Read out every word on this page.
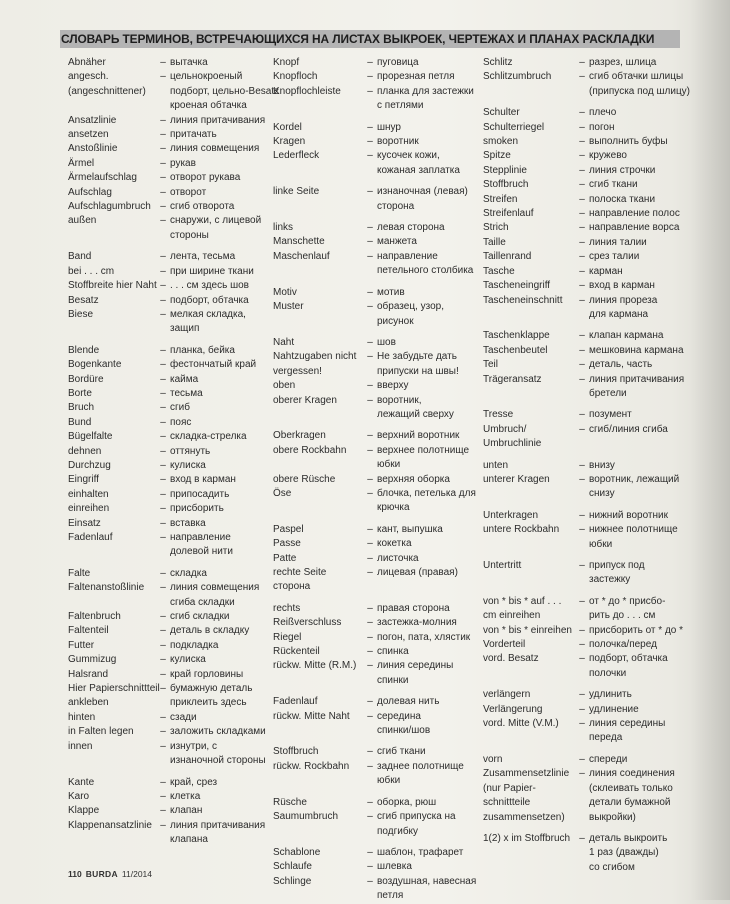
СЛОВАРЬ ТЕРМИНОВ, ВСТРЕЧАЮЩИХСЯ НА ЛИСТАХ ВЫКРОЕК, ЧЕРТЕЖАХ И ПЛАНАХ РАСКЛАДКИ
Abnäher	– вытачка
angesch.	– цельнокроеный
(angeschnittener)	подборт, цельно-Besatz
кроеная обтачка
Ansatzlinie	– линия притачивания
ansetzen	– притачать
Anstoßlinie	– линия совмещения
Ärmel	– рукав
Ärmelaufschlag	– отворот рукава
Aufschlag	– отворот
Aufschlagumbruch – сгиб отворота
außen	– снаружи, с лицевой
стороны
Band	– лента, тесьма
bei . . . cm	– при ширине ткани
Stoffbreite hier Naht – . . . см здесь шов
Besatz	– подборт, обтачка
Biese	– мелкая складка,
защип
Blende	– планка, бейка
Bogenkante	– фестончатый край
Bordüre	– кайма
Borte	– тесьма
Bruch	– сгиб
Bund	– пояс
Bügelfalte	– складка-стрелка
dehnen	– оттянуть
Durchzug	– кулиска
Eingriff	– вход в карман
einhalten	– припосадить
einreihen	– присборить
Einsatz	– вставка
Fadenlauf	– направление
долевой нити
Falte	– складка
Faltenanstoßlinie	– линия совмещения
сгиба складки
Faltenbruch	– сгиб складки
Faltenteil	– деталь в складку
Futter	– подкладка
Gummizug	– кулиска
Halsrand	– край горловины
Hier Papierschnittteil – бумажную деталь
ankleben	приклеить здесь
hinten	– сзади
in Falten legen	– заложить складками
innen	– изнутри, с
изнаночной стороны
Kante	– край, срез
Karo	– клетка
Klappe	– клапан
Klappenansatzlinie – линия притачивания
клапана
Knopf	– пуговица
Knopfloch	– прорезная петля
Knopflochleiste	– планка для застежки
с петлями
Kordel	– шнур
Kragen	– воротник
Lederfleck	– кусочек кожи,
кожаная заплатка
linke Seite	– изнаночная (левая)
сторона
links	– левая сторона
Manschette	– манжета
Maschenlauf	– направление
петельного столбика
Motiv	– мотив
Muster	– образец, узор,
рисунок
Naht	– шов
Nahtzugaben nicht	– Не забудьте дать
vergessen!	припуски на швы!
oben	– вверху
oberer Kragen	– воротник,
лежащий сверху
Oberkragen	– верхний воротник
obere Rockbahn	– верхнее полотнище
юбки
obere Rüsche	– верхняя оборка
Öse	– блочка, петелька для
крючка
Paspel	– кант, выпушка
Passe	– кокетка
Patte	– листочка
rechte Seite	– лицевая (правая)
сторона
rechts	– правая сторона
Reißverschluss	– застежка-молния
Riegel	– погон, пата, хлястик
Rückenteil	– спинка
rückw. Mitte (R.M.)	– линия середины
спинки
Fadenlauf	– долевая нить
rückw. Mitte Naht	– середина
спинки/шов
Stoffbruch	– сгиб ткани
rückw. Rockbahn	– заднее полотнище
юбки
Rüsche	– оборка, рюш
Saumumbruch	– сгиб припуска на
подгибку
Schablone	– шаблон, трафарет
Schlaufe	– шлевка
Schlinge	– воздушная, навесная
петля
Schlitz	– разрез, шлица
Schlitzumbruch	– сгиб обтачки шлицы
(припуска под шлицу)
Schulter	– плечо
Schulterriegel	– погон
smoken	– выполнить буфы
Spitze	– кружево
Stepplinie	– линия строчки
Stoffbruch	– сгиб ткани
Streifen	– полоска ткани
Streifenlauf	– направление полос
Strich	– направление ворса
Taille	– линия талии
Taillenrand	– срез талии
Tasche	– карман
Tascheneingriff	– вход в карман
Tascheneinschnitt	– линия прореза
для кармана
Taschenklappe	– клапан кармана
Taschenbeutel	– мешковина кармана
Teil	– деталь, часть
Trägeransatz	– линия притачивания
бретели
Tresse	– позумент
Umbruch/	– сгиб/линия сгиба
Umbruchlinie
unten	– внизу
unterer Kragen	– воротник, лежащий
снизу
Unterkragen	– нижний воротник
untere Rockbahn	– нижнее полотнище
юбки
Untertritt	– припуск под
застежку
von * bis * auf . . .	– от * до * присбо-
cm einreihen	рить до . . . см
von * bis * einreihen – присборить от * до *
Vorderteil	– полочка/перед
vord. Besatz	– подборт, обтачка
полочки
verlängern	– удлинить
Verlängerung	– удлинение
vord. Mitte (V.M.)	– линия середины
переда
vorn	– спереди
Zusammensetzlinie	– линия соединения
(nur Papier-	(склеивать только
schnittteile	детали бумажной
zusammensetzen)	выкройки)
1(2) x im Stoffbruch – деталь выкроить
1 раз (дважды)
со сгибом
110 BURDA 11/2014
